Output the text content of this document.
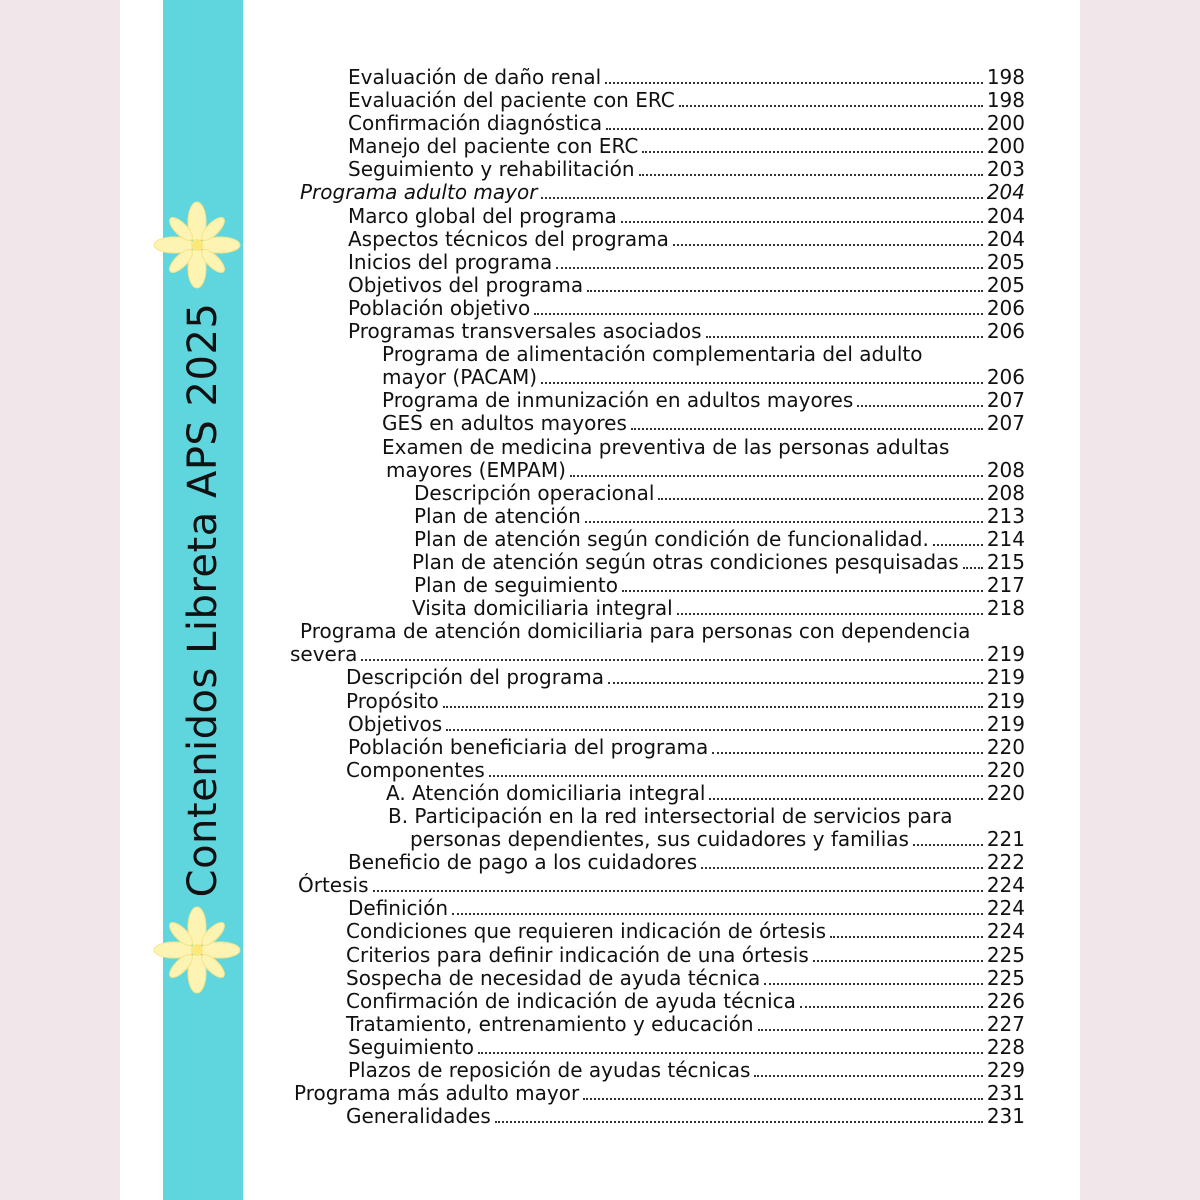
Contenidos Libreta APS 2025
Evaluación de daño renal	198
Evaluación del paciente con ERC	198
Confirmación diagnóstica	200
Manejo del paciente con ERC	200
Seguimiento y rehabilitación	203
Programa adulto mayor	204
Marco global del programa	204
Aspectos técnicos del programa	204
Inicios del programa	205
Objetivos del programa	205
Población objetivo	206
Programas transversales asociados	206
Programa de alimentación complementaria del adulto
mayor (PACAM)	206
Programa de inmunización en adultos mayores	207
GES en adultos mayores	207
Examen de medicina preventiva de las personas adultas
mayores (EMPAM)	208
Descripción operacional	208
Plan de atención	213
Plan de atención según condición de funcionalidad.	214
Plan de atención según otras condiciones pesquisadas 215
Plan de seguimiento	217
Visita domiciliaria integral	218
Programa de atención domiciliaria para personas con dependencia
severa	219
Descripción del programa	219
Propósito	219
Objetivos	219
Población beneficiaria del programa	220
Componentes	220
A. Atención domiciliaria integral	220
B. Participación en la red intersectorial de servicios para
personas dependientes, sus cuidadores y familias	221
Beneficio de pago a los cuidadores	222
Órtesis	224
Definición	224
Condiciones que requieren indicación de órtesis	224
Criterios para definir indicación de una órtesis	225
Sospecha de necesidad de ayuda técnica	225
Confirmación de indicación de ayuda técnica	226
Tratamiento, entrenamiento y educación	227
Seguimiento	228
Plazos de reposición de ayudas técnicas	229
Programa más adulto mayor	231
Generalidades	231
